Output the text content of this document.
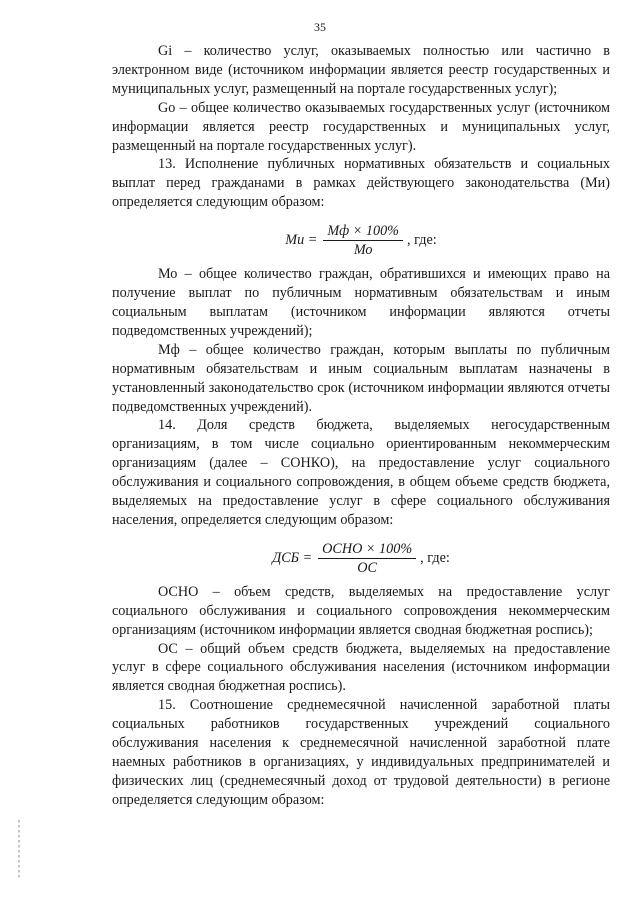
35

Gi – количество услуг, оказываемых полностью или частично в электронном виде (источником информации является реестр государственных и муниципальных услуг, размещенный на портале государственных услуг);

Go – общее количество оказываемых государственных услуг (источником информации является реестр государственных и муниципальных услуг, размещенный на портале государственных услуг).

13. Исполнение публичных нормативных обязательств и социальных выплат перед гражданами в рамках действующего законодательства (Ми) определяется следующим образом:

Ми = $\frac{Мф \times 100\%}{Мо}$ , где:

Мо – общее количество граждан, обратившихся и имеющих право на получение выплат по публичным нормативным обязательствам и иным социальным выплатам (источником информации являются отчеты подведомственных учреждений);

Мф – общее количество граждан, которым выплаты по публичным нормативным обязательствам и иным социальным выплатам назначены в установленный законодательство срок (источником информации являются отчеты подведомственных учреждений).

14. Доля средств бюджета, выделяемых негосударственным организациям, в том числе социально ориентированным некоммерческим организациям (далее – СОНКО), на предоставление услуг социального обслуживания и социального сопровождения, в общем объеме средств бюджета, выделяемых на предоставление услуг в сфере социального обслуживания населения, определяется следующим образом:

ДСБ = $\frac{\text{ОСНО × 100\%}}{ОС}$ , где:

ОСНО – объем средств, выделяемых на предоставление услуг социального обслуживания и социального сопровождения некоммерческим организациям (источником информации является сводная бюджетная роспись);

ОС – общий объем средств бюджета, выделяемых на предоставление услуг в сфере социального обслуживания населения (источником информации является сводная бюджетная роспись).

15. Соотношение среднемесячной начисленной заработной платы социальных работников государственных учреждений социального обслуживания населения к среднемесячной начисленной заработной плате наемных работников в организациях, у индивидуальных предпринимателей и физических лиц (среднемесячный доход от трудовой деятельности) в регионе определяется следующим образом:
